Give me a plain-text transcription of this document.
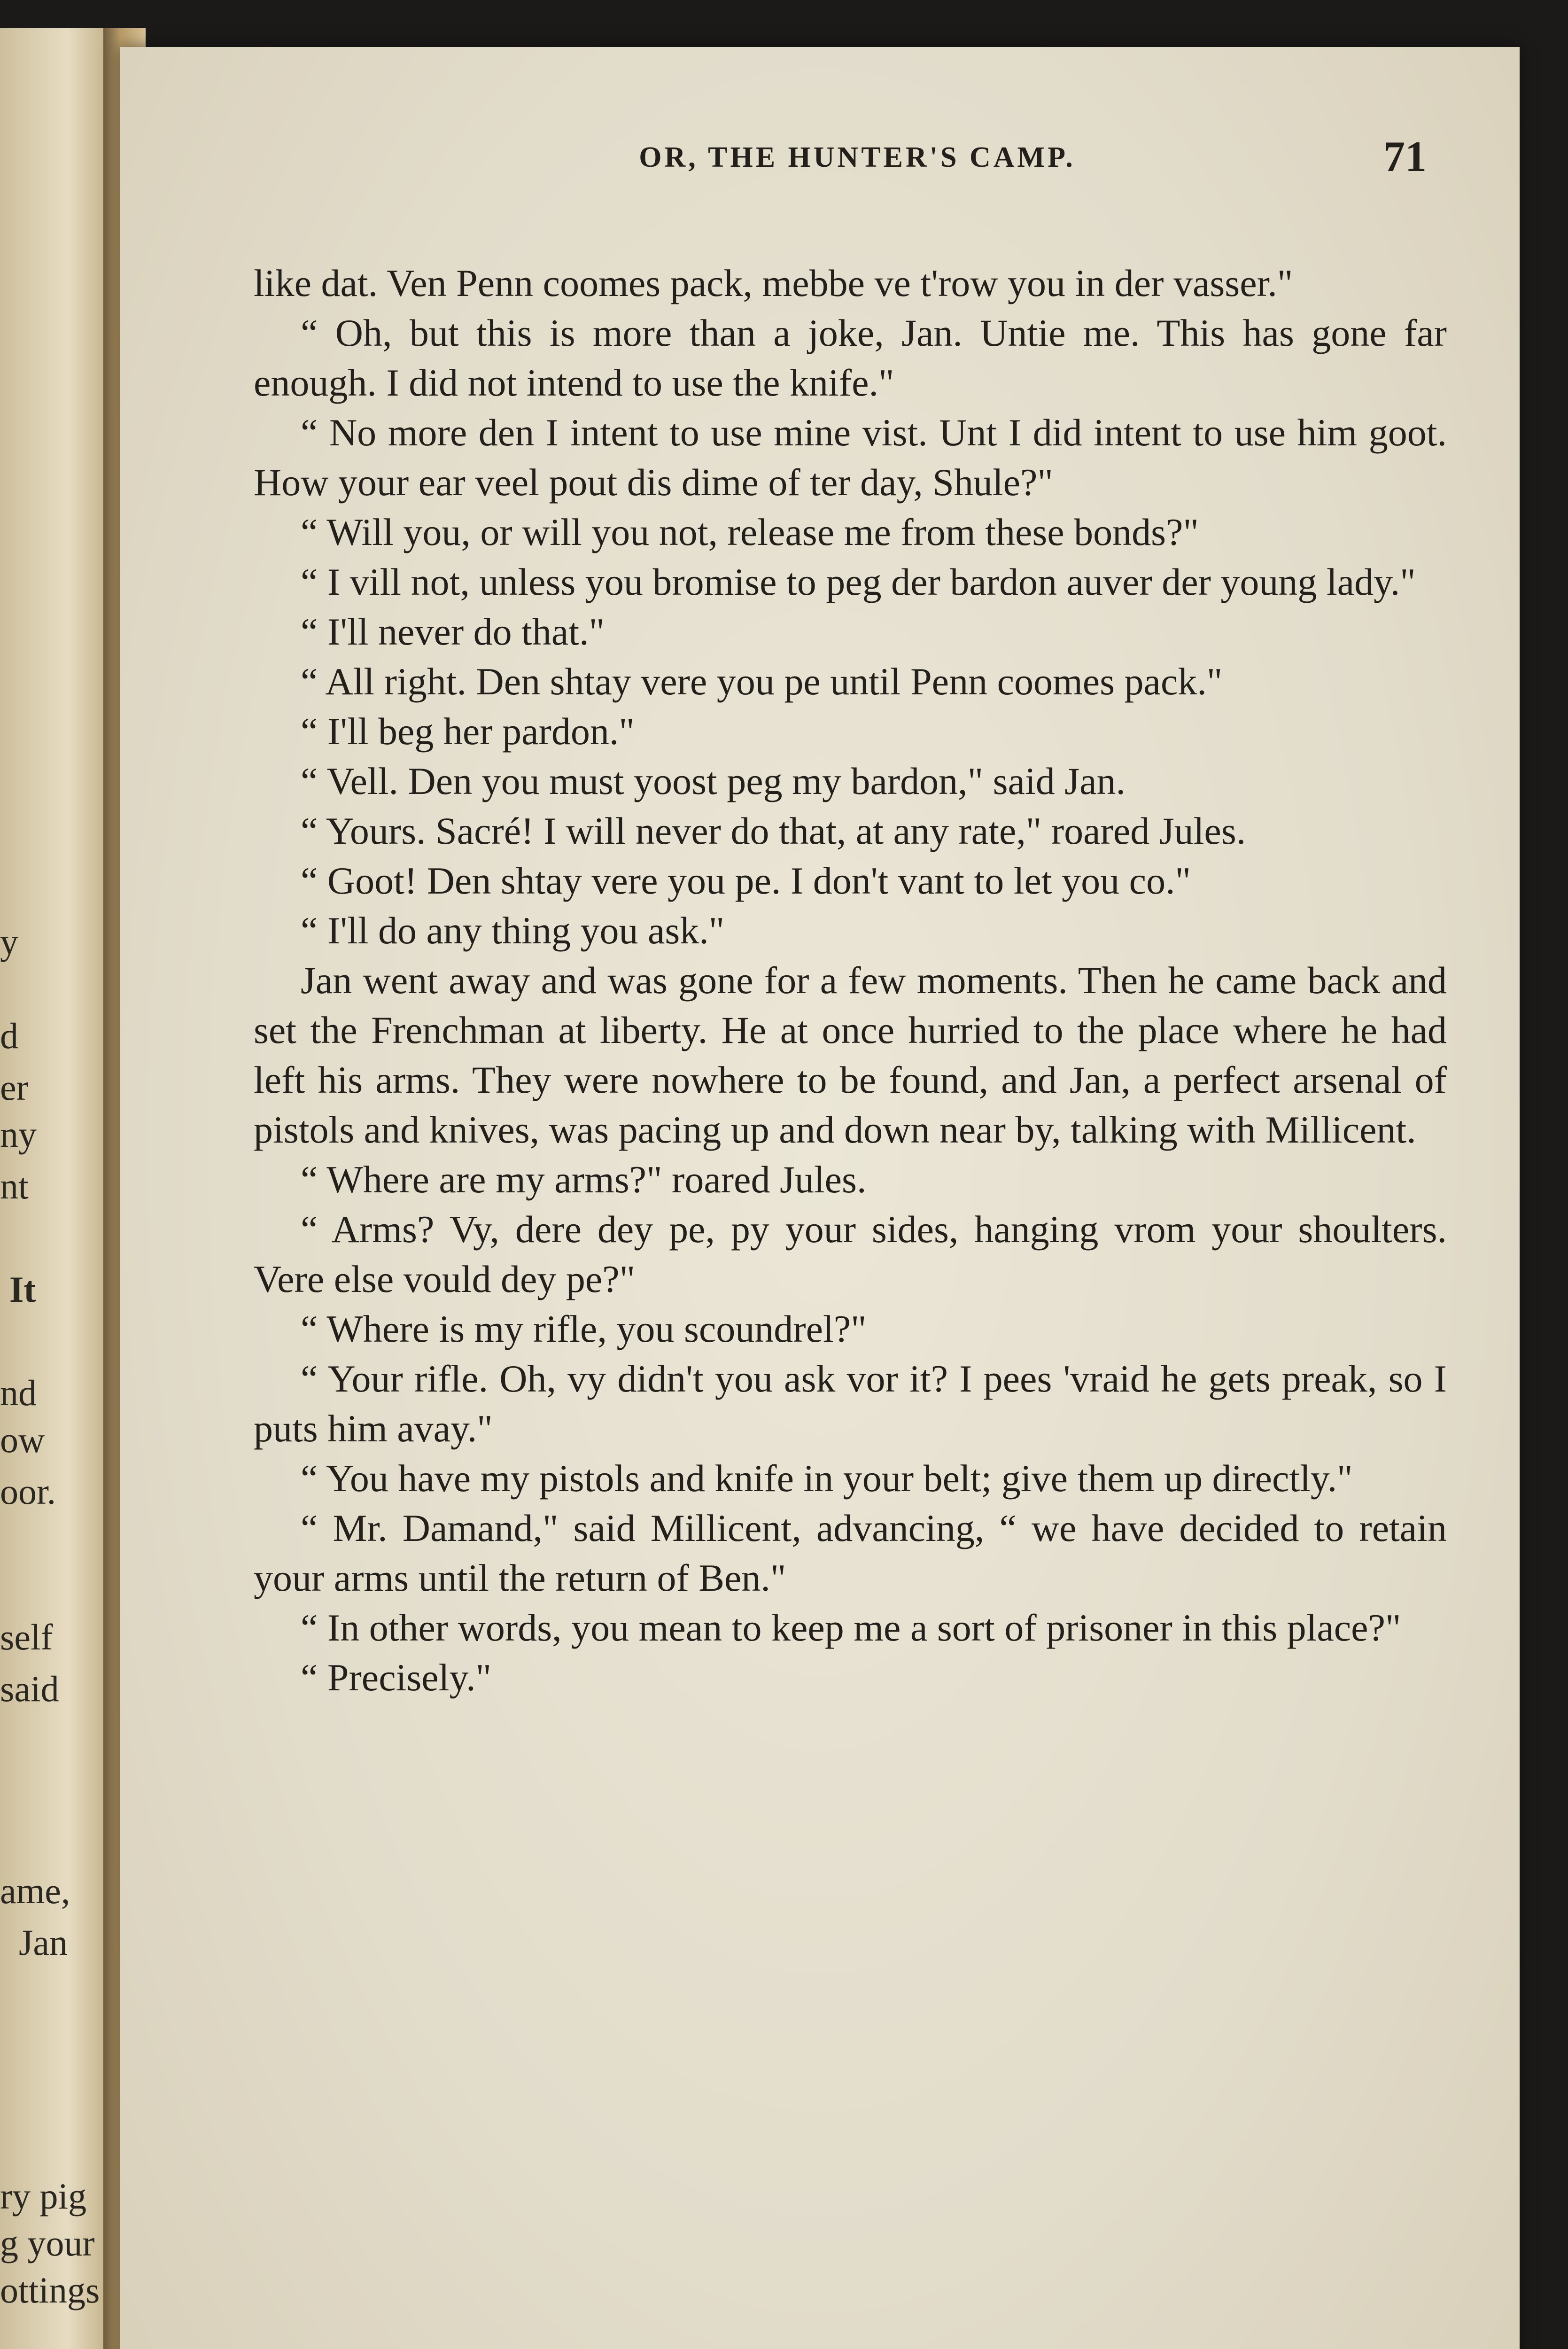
y
d
er
ny
nt
It
nd
ow
oor.
self
said
ame,
Jan
ry pig
g your
ottings
OR, THE HUNTER'S CAMP.	71

like dat. Ven Penn coomes pack, mebbe ve t'row you in der vasser."

“ Oh, but this is more than a joke, Jan. Untie me. This has gone far enough. I did not intend to use the knife."

“ No more den I intent to use mine vist. Unt I did intent to use him goot. How your ear veel pout dis dime of ter day, Shule?"

“ Will you, or will you not, release me from these bonds?"

“ I vill not, unless you bromise to peg der bardon auver der young lady."

“ I'll never do that."

“ All right. Den shtay vere you pe until Penn coomes pack."

“ I'll beg her pardon."

“ Vell. Den you must yoost peg my bardon," said Jan.

“ Yours. Sacré! I will never do that, at any rate," roared Jules.

“ Goot! Den shtay vere you pe. I don't vant to let you co."

“ I'll do any thing you ask."

Jan went away and was gone for a few moments. Then he came back and set the Frenchman at liberty. He at once hurried to the place where he had left his arms. They were nowhere to be found, and Jan, a perfect arsenal of pistols and knives, was pacing up and down near by, talking with Millicent.

“ Where are my arms?" roared Jules.

“ Arms? Vy, dere dey pe, py your sides, hanging vrom your shoulters. Vere else vould dey pe?"

“ Where is my rifle, you scoundrel?"

“ Your rifle. Oh, vy didn't you ask vor it? I pees 'vraid he gets preak, so I puts him avay."

“ You have my pistols and knife in your belt; give them up directly."

“ Mr. Damand," said Millicent, advancing, “ we have decided to retain your arms until the return of Ben."

“ In other words, you mean to keep me a sort of prisoner in this place?"

“ Precisely."
